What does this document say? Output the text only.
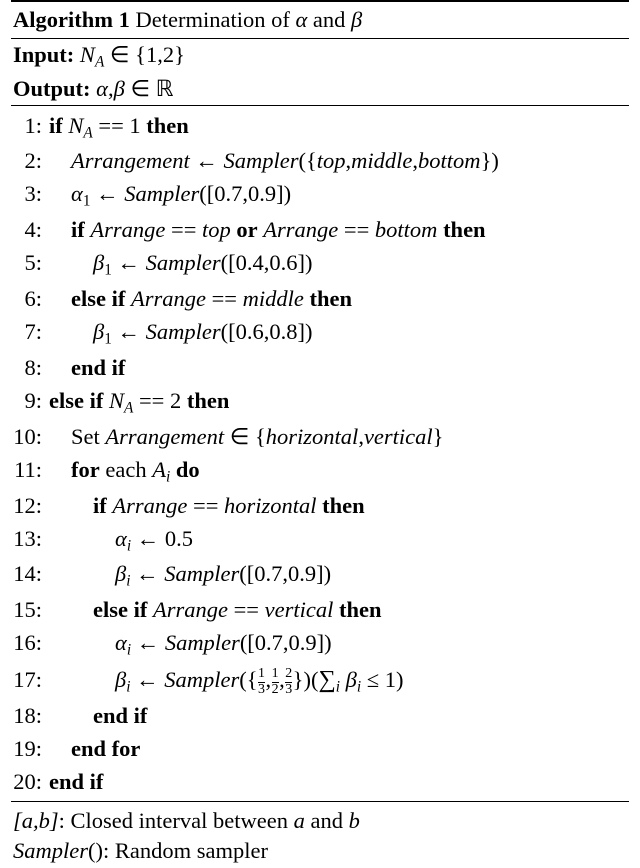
Algorithm 1 Determination of α and β
Input: $N_A$ ∈ {1,2}
Output: α,β ∈ ℝ
1: if $N_A == 1$ then
2:	Arrangement ← Sampler({top,middle,bottom})
3:	α1 ← Sampler([0.7,0.9])
4:	if Arrange == top or Arrange == bottom then
5:	β1 ← Sampler([0.4,0.6])
6:	else if Arrange == middle then
7:	β1 ← Sampler([0.6,0.8])
8:	end if
9: else if $N_A == 2$ then
10:	Set Arrangement ∈ {horizontal,vertical}
11:	for each $A_i$ do
12:	if Arrange == horizontal then
13:	$\alpha_i$ ← 0.5
14:	$\beta_i$ ← Sampler([0.7,0.9])
15:	else if Arrange == vertical then
16:	$\alpha_i$ ← Sampler([0.7,0.9])
17:	$\beta_i$ ← $Sampler(\{\frac{1}{3} ,\frac{1}{2} ,\frac{2}{3} \})(\sum_i$ $\beta_i \le 1$)
18:	end if
19:	end for
20: end if
[a,b]: Closed interval between a and b
Sampler(): Random sampler
